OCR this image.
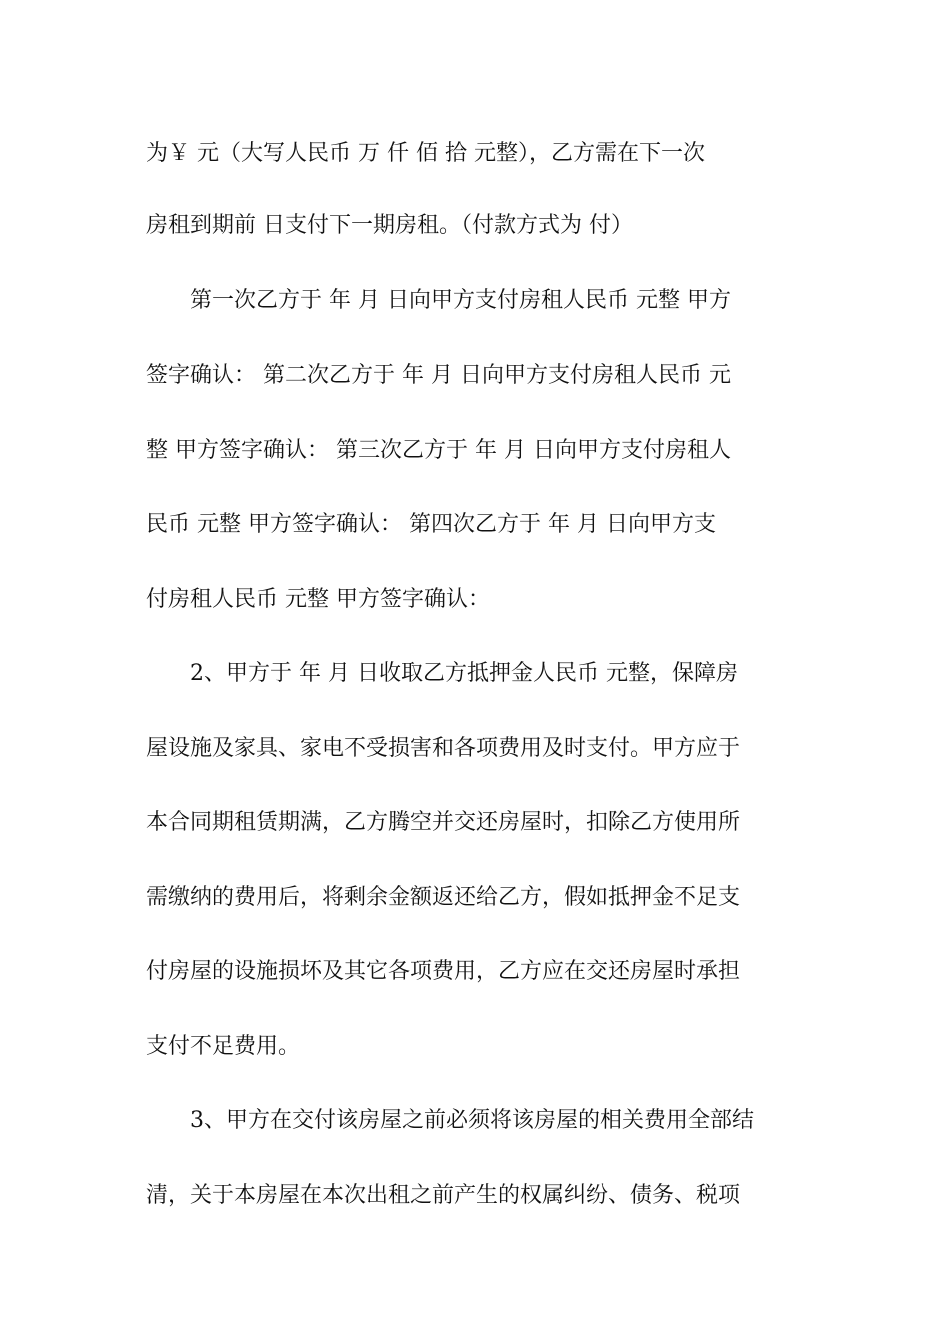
为￥ 元（大写人民币 万 仟 佰 拾 元整），乙方需在下一次
房租到期前 日支付下一期房租。（付款方式为 付）
第一次乙方于 年 月 日向甲方支付房租人民币 元整 甲方
签字确认： 第二次乙方于 年 月 日向甲方支付房租人民币 元
整 甲方签字确认： 第三次乙方于 年 月 日向甲方支付房租人
民币 元整 甲方签字确认： 第四次乙方于 年 月 日向甲方支
付房租人民币 元整 甲方签字确认：
2、甲方于 年 月 日收取乙方抵押金人民币 元整，保障房
屋设施及家具、家电不受损害和各项费用及时支付。甲方应于
本合同期租赁期满，乙方腾空并交还房屋时，扣除乙方使用所
需缴纳的费用后，将剩余金额返还给乙方，假如抵押金不足支
付房屋的设施损坏及其它各项费用，乙方应在交还房屋时承担
支付不足费用。
3、甲方在交付该房屋之前必须将该房屋的相关费用全部结
清，关于本房屋在本次出租之前产生的权属纠纷、债务、税项
